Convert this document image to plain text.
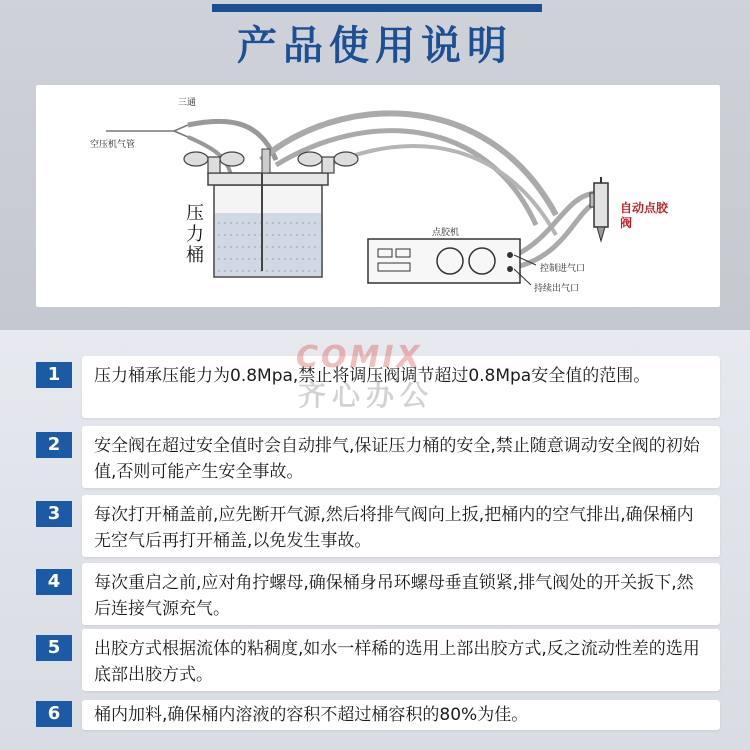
产品使用说明
三通
空压机气管
压力桶
点胶机
自动点胶阀
控制进气口
持续出气口
1	压力桶承压能力为0.8Mpa,禁止将调压阀调节超过0.8Mpa安全值的范围。
2	安全阀在超过安全值时会自动排气,保证压力桶的安全,禁止随意调动安全阀的初始值,否则可能产生安全事故。
3	每次打开桶盖前,应先断开气源,然后将排气阀向上扳,把桶内的空气排出,确保桶内无空气后再打开桶盖,以免发生事故。
4	每次重启之前,应对角拧螺母,确保桶身吊环螺母垂直锁紧,排气阀处的开关扳下,然后连接气源充气。
5	出胶方式根据流体的粘稠度,如水一样稀的选用上部出胶方式,反之流动性差的选用底部出胶方式。
6	桶内加料,确保桶内溶液的容积不超过桶容积的80%为佳。
COMIX
齐心办公
